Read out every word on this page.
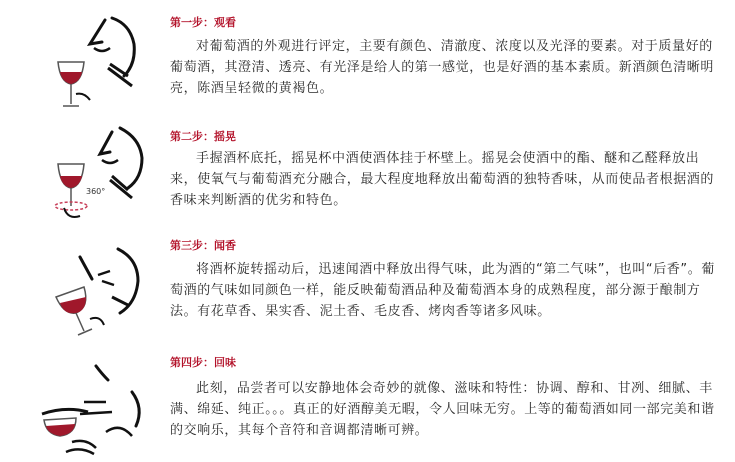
第一步：观看
对葡萄酒的外观进行评定，主要有颜色、清澈度、浓度以及光泽的要素。对于质量好的葡萄酒，其澄清、透亮、有光泽是给人的第一感觉，也是好酒的基本素质。新酒颜色清晰明亮，陈酒呈轻微的黄褐色。
360°
第二步：摇晃
手握酒杯底托，摇晃杯中酒使酒体挂于杯壁上。摇晃会使酒中的酯、醚和乙醛释放出来，使氧气与葡萄酒充分融合，最大程度地释放出葡萄酒的独特香味，从而使品者根据酒的香味来判断酒的优劣和特色。
第三步：闻香
将酒杯旋转摇动后，迅速闻酒中释放出得气味，此为酒的“第二气味”，也叫“后香”。葡萄酒的气味如同颜色一样，能反映葡萄酒品种及葡萄酒本身的成熟程度，部分源于酿制方法。有花草香、果实香、泥土香、毛皮香、烤肉香等诸多风味。
第四步：回味
此刻，品尝者可以安静地体会奇妙的就像、滋味和特性：协调、醇和、甘冽、细腻、丰满、绵延、纯正。。。真正的好酒醇美无暇，令人回味无穷。上等的葡萄酒如同一部完美和谐的交响乐，其每个音符和音调都清晰可辨。
